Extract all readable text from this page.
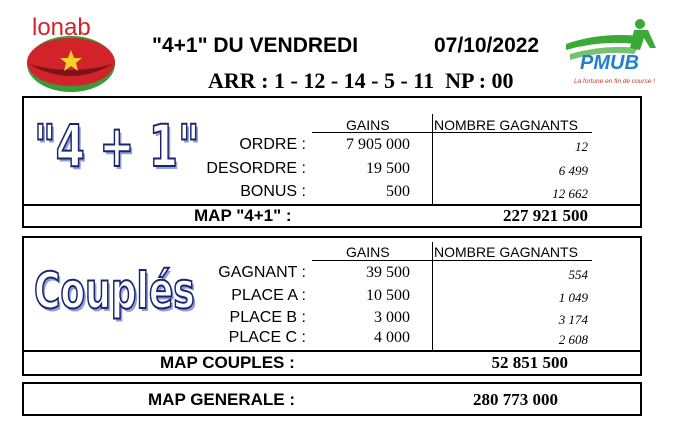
lonab
"4+1" DU VENDREDI	07/10/2022
ARR : 1 - 12 - 14 - 5 - 11  NP : 00
PMUB
La fortune en fin de course !
"4 + 1"	GAINS	NOMBRE GAGNANTS
ORDRE :	7 905 000	12
DESORDRE :	19 500	6 499
BONUS :	500	12 662
MAP "4+1" :	227 921 500
Couplés
GAINS	NOMBRE GAGNANTS
GAGNANT :	39 500	554
PLACE A :	10 500	1 049
PLACE B :	3 000	3 174
PLACE C :	4 000	2 608
MAP COUPLES :	52 851 500
MAP GENERALE :	280 773 000
